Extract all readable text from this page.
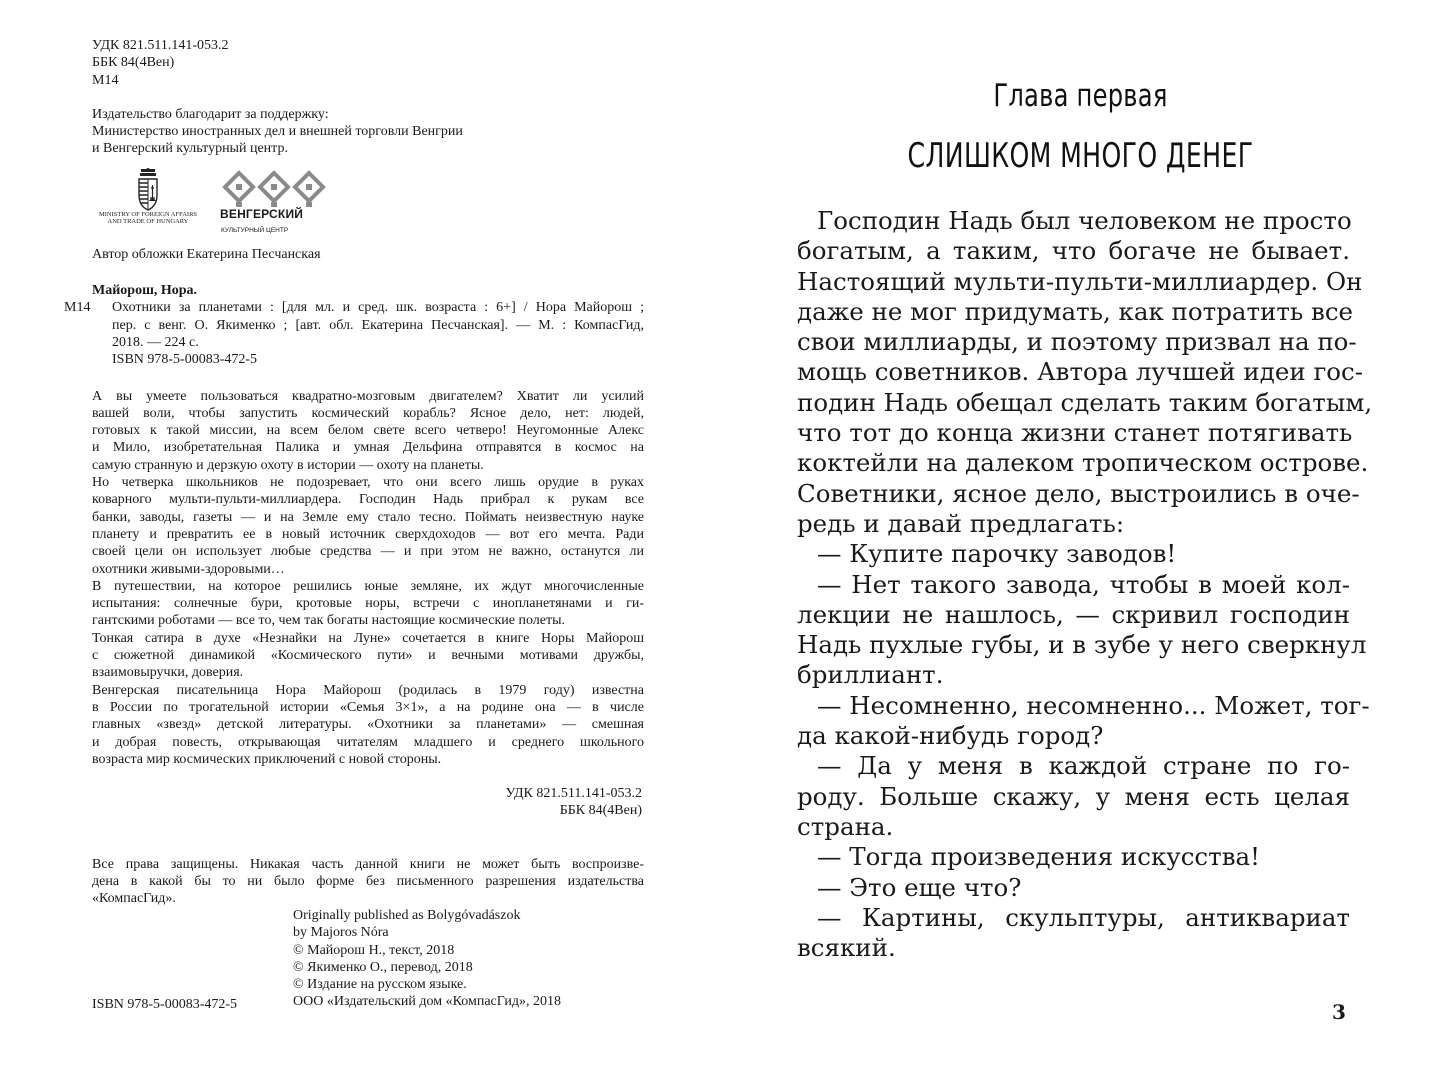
УДК 821.511.141-053.2
ББК 84(4Вен)
М14
Издательство благодарит за поддержку:
Министерство иностранных дел и внешней торговли Венгрии
и Венгерский культурный центр.
MINISTRY OF FOREIGN AFFAIRS AND TRADE OF HUNGARY
ВЕНГЕРСКИЙ
КУЛЬТУРНЫЙ ЦЕНТР
Автор обложки Екатерина Песчанская
Майорош, Нора.
М14	Охотники за планетами : [для мл. и сред. шк. возраста : 6+] / Нора Майорош ;
пер. с венг. О. Якименко ; [авт. обл. Екатерина Песчанская]. — М. : КомпасГид,
2018. — 224 с.
ISBN 978-5-00083-472-5
А вы умеете пользоваться квадратно-мозговым двигателем? Хватит ли усилий
вашей воли, чтобы запустить космический корабль? Ясное дело, нет: людей,
готовых к такой миссии, на всем белом свете всего четверо! Неугомонные Алекс
и Мило, изобретательная Палика и умная Дельфина отправятся в космос на
самую странную и дерзкую охоту в истории — охоту на планеты.
Но четверка школьников не подозревает, что они всего лишь орудие в руках
коварного мульти-пульти-миллиардера. Господин Надь прибрал к рукам все
банки, заводы, газеты — и на Земле ему стало тесно. Поймать неизвестную науке
планету и превратить ее в новый источник сверхдоходов — вот его мечта. Ради
своей цели он использует любые средства — и при этом не важно, останутся ли
охотники живыми-здоровыми…
В путешествии, на которое решились юные земляне, их ждут многочисленные
испытания: солнечные бури, кротовые норы, встречи с инопланетянами и ги-
гантскими роботами — все то, чем так богаты настоящие космические полеты.
Тонкая сатира в духе «Незнайки на Луне» сочетается в книге Норы Майорош
с сюжетной динамикой «Космического пути» и вечными мотивами дружбы,
взаимовыручки, доверия.
Венгерская писательница Нора Майорош (родилась в 1979 году) известна
в России по трогательной истории «Семья 3×1», а на родине она — в числе
главных «звезд» детской литературы. «Охотники за планетами» — смешная
и добрая повесть, открывающая читателям младшего и среднего школьного
возраста мир космических приключений с новой стороны.
УДК 821.511.141-053.2
ББК 84(4Вен)
Все права защищены. Никакая часть данной книги не может быть воспроизве-
дена в какой бы то ни было форме без письменного разрешения издательства
«КомпасГид».
Originally published as Bolygóvadászok
by Majoros Nóra
© Майорош Н., текст, 2018
© Якименко О., перевод, 2018
© Издание на русском языке.
ООО «Издательский дом «КомпасГид», 2018
ISBN 978-5-00083-472-5
Глава первая
СЛИШКОМ МНОГО ДЕНЕГ
Господин Надь был человеком не просто
богатым, а таким, что богаче не бывает.
Настоящий мульти-пульти-миллиардер. Он
даже не мог придумать, как потратить все
свои миллиарды, и поэтому призвал на по-
мощь советников. Автора лучшей идеи гос-
подин Надь обещал сделать таким богатым,
что тот до конца жизни станет потягивать
коктейли на далеком тропическом острове.
Советники, ясное дело, выстроились в оче-
редь и давай предлагать:
— Купите парочку заводов!
— Нет такого завода, чтобы в моей кол-
лекции не нашлось, — скривил господин
Надь пухлые губы, и в зубе у него сверкнул
бриллиант.
— Несомненно, несомненно... Может, тог-
да какой-нибудь город?
— Да у меня в каждой стране по го-
роду. Больше скажу, у меня есть целая
страна.
— Тогда произведения искусства!
— Это еще что?
— Картины, скульптуры, антиквариат
всякий.
3
